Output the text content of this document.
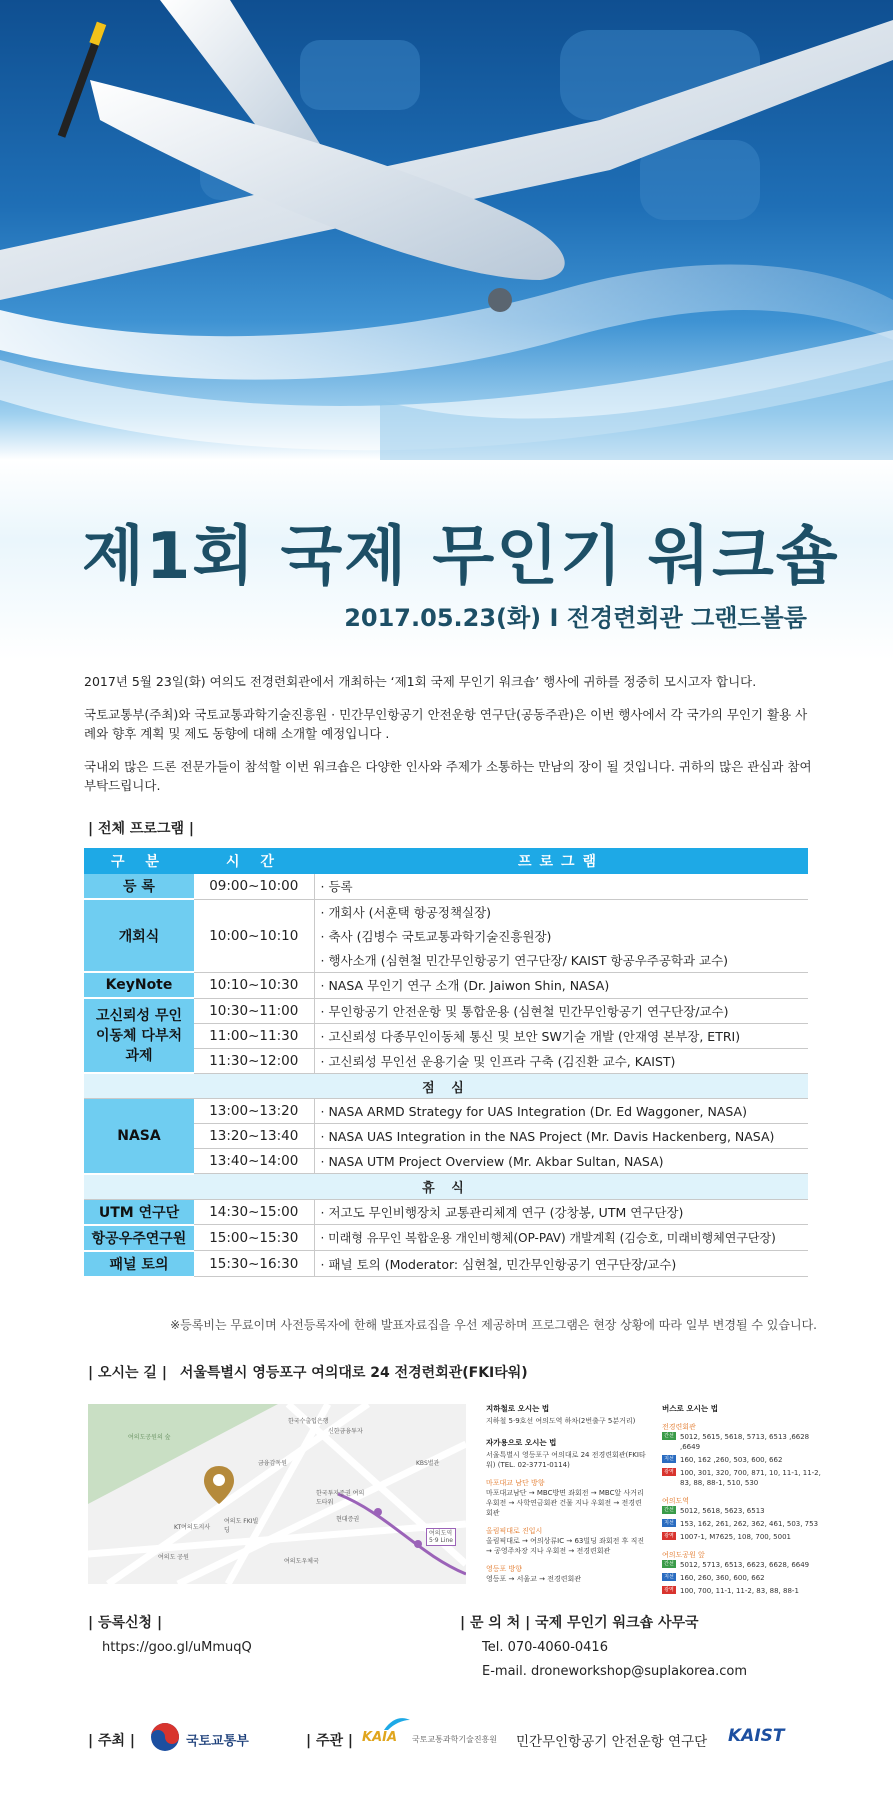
제1회 국제 무인기 워크숍
2017.05.23(화) Ⅰ 전경련회관 그랜드볼룸

2017년 5월 23일(화) 여의도 전경련회관에서 개최하는 ‘제1회 국제 무인기 워크숍’ 행사에 귀하를 정중히 모시고자 합니다.

국토교통부(주최)와 국토교통과학기술진흥원 · 민간무인항공기 안전운항 연구단(공동주관)은 이번 행사에서 각 국가의 무인기 활용 사례와 향후 계획 및 제도 동향에 대해 소개할 예정입니다 .

국내외 많은 드론 전문가들이 참석할 이번 워크숍은 다양한 인사와 주제가 소통하는 만남의 장이 될 것입니다. 귀하의 많은 관심과 참여부탁드립니다.

| 전체 프로그램 |
구 분	시 간	프로그램
등 록	09:00~10:00	· 등록
개회식	10:00~10:10	· 개회사 (서훈택 항공정책실장)
		· 축사 (김병수 국토교통과학기술진흥원장)
		· 행사소개 (심현철 민간무인항공기 연구단장/ KAIST 항공우주공학과 교수)
KeyNote	10:10~10:30	· NASA 무인기 연구 소개 (Dr. Jaiwon Shin, NASA)
고신뢰성 무인이동체 다부처과제	10:30~11:00	· 무인항공기 안전운항 및 통합운용 (심현철 민간무인항공기 연구단장/교수)
	11:00~11:30	· 고신뢰성 다종무인이동체 통신 및 보안 SW기술 개발 (안재영 본부장, ETRI)
	11:30~12:00	· 고신뢰성 무인선 운용기술 및 인프라 구축 (김진환 교수, KAIST)
점 심		
NASA	13:00~13:20	· NASA ARMD Strategy for UAS Integration (Dr. Ed Waggoner, NASA)
	13:20~13:40	· NASA UAS Integration in the NAS Project (Mr. Davis Hackenberg, NASA)
	13:40~14:00	· NASA UTM Project Overview (Mr. Akbar Sultan, NASA)
휴 식		
UTM 연구단	14:30~15:00	· 저고도 무인비행장치 교통관리체계 연구 (강창봉, UTM 연구단장)
항공우주연구원	15:00~15:30	· 미래형 유무인 복합운용 개인비행체(OP-PAV) 개발계획 (김승호, 미래비행체연구단장)
패널 토의	15:30~16:30	· 패널 토의 (Moderator: 심현철, 민간무인항공기 연구단장/교수)
※등록비는 무료이며 사전등록자에 한해 발표자료집을 우선 제공하며 프로그램은 현장 상황에 따라 일부 변경될 수 있습니다.
| 오시는 길 | 서울특별시 영등포구 여의대로 24 전경련회관(FKI타워)
여의도공원의 숲
한국수출입은행
신한금융투자
KBS별관
금융감독원
한국투자증권 여의도타워
현대증권
여의도역
5·9 Line
KT여의도지사
여의도 FKI빌딩
여의도 공원
여의도우체국
지하철로 오시는 법
지하철 5·9호선 여의도역 하차(2번출구 5분거리)
자가용으로 오시는 법
서울특별시 영등포구 여의대로 24 전경련회관(FKI타워) (TEL. 02-3771-0114)
마포대교 남단 방향
마포대교남단 → MBC방면 좌회전 → MBC앞 사거리 우회전 → 사학연금회관 건물 지나 우회전 → 전경련회관
올림픽대로 진입시
올림픽대로 → 여의상류IC → 63빌딩 좌회전 후 직진 → 공영주차장 지나 우회전 → 전경련회관
영등포 방향
영등포 → 서울교 → 전경련회관
버스로 오시는 법
전경련회관
간선 5012, 5615, 5618, 5713, 6513 ,6628 ,6649
지선 160, 162 ,260, 503, 600, 662
광역 100, 301, 320, 700, 871, 10, 11-1, 11-2, 83, 88, 88-1, 510, 530
여의도역
간선 5012, 5618, 5623, 6513
지선 153, 162, 261, 262, 362, 461, 503, 753
광역 1007-1, M7625, 108, 700, 5001
여의도공원 앞
간선 5012, 5713, 6513, 6623, 6628, 6649
지선 160, 260, 360, 600, 662
광역 100, 700, 11-1, 11-2, 83, 88, 88-1
| 등록신청 |
https://goo.gl/uMmuqQ
| 문 의 처 | 국제 무인기 워크숍 사무국
Tel. 070-4060-0416
E-mail. droneworkshop@suplakorea.com
| 주최 |	국토교통부	| 주관 | KAIA 국토교통과학기술진흥원 민간무인항공기 안전운항 연구단 KAIST
